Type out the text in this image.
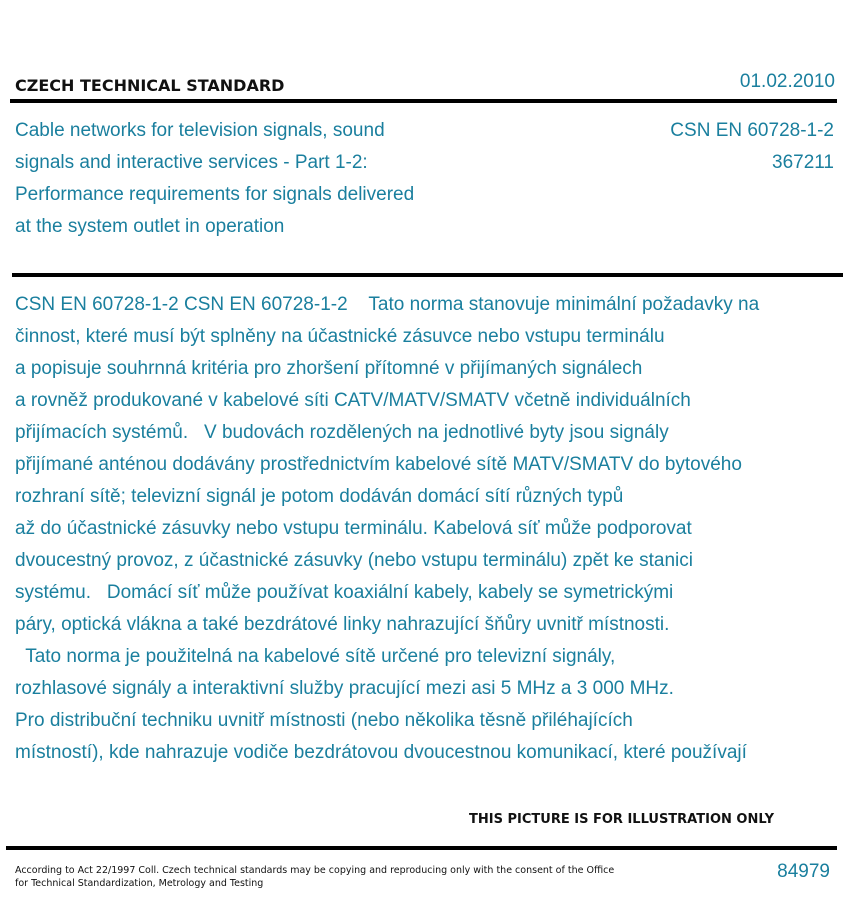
CZECH TECHNICAL STANDARD	01.02.2010
Cable networks for television signals, sound
signals and interactive services - Part 1-2:
Performance requirements for signals delivered
at the system outlet in operation
CSN EN 60728-1-2
367211
CSN EN 60728-1-2 CSN EN 60728-1-2    Tato norma stanovuje minimální požadavky na
činnost, které musí být splněny na účastnické zásuvce nebo vstupu terminálu
a popisuje souhrnná kritéria pro zhoršení přítomné v přijímaných signálech
a rovněž produkované v kabelové síti CATV/MATV/SMATV včetně individuálních
přijímacích systémů.   V budovách rozdělených na jednotlivé byty jsou signály
přijímané anténou dodávány prostřednictvím kabelové sítě MATV/SMATV do bytového
rozhraní sítě; televizní signál je potom dodáván domácí sítí různých typů
až do účastnické zásuvky nebo vstupu terminálu. Kabelová síť může podporovat
dvoucestný provoz, z účastnické zásuvky (nebo vstupu terminálu) zpět ke stanici
systému.   Domácí síť může používat koaxiální kabely, kabely se symetrickými
páry, optická vlákna a také bezdrátové linky nahrazující šňůry uvnitř místnosti.
Tato norma je použitelná na kabelové sítě určené pro televizní signály,
rozhlasové signály a interaktivní služby pracující mezi asi 5 MHz a 3 000 MHz.
Pro distribuční techniku uvnitř místnosti (nebo několika těsně přiléhajících
místností), kde nahrazuje vodiče bezdrátovou dvoucestnou komunikací, které používají
THIS PICTURE IS FOR ILLUSTRATION ONLY
According to Act 22/1997 Coll. Czech technical standards may be copying and reproducing only with the consent of the Office
for Technical Standardization, Metrology and Testing
84979
